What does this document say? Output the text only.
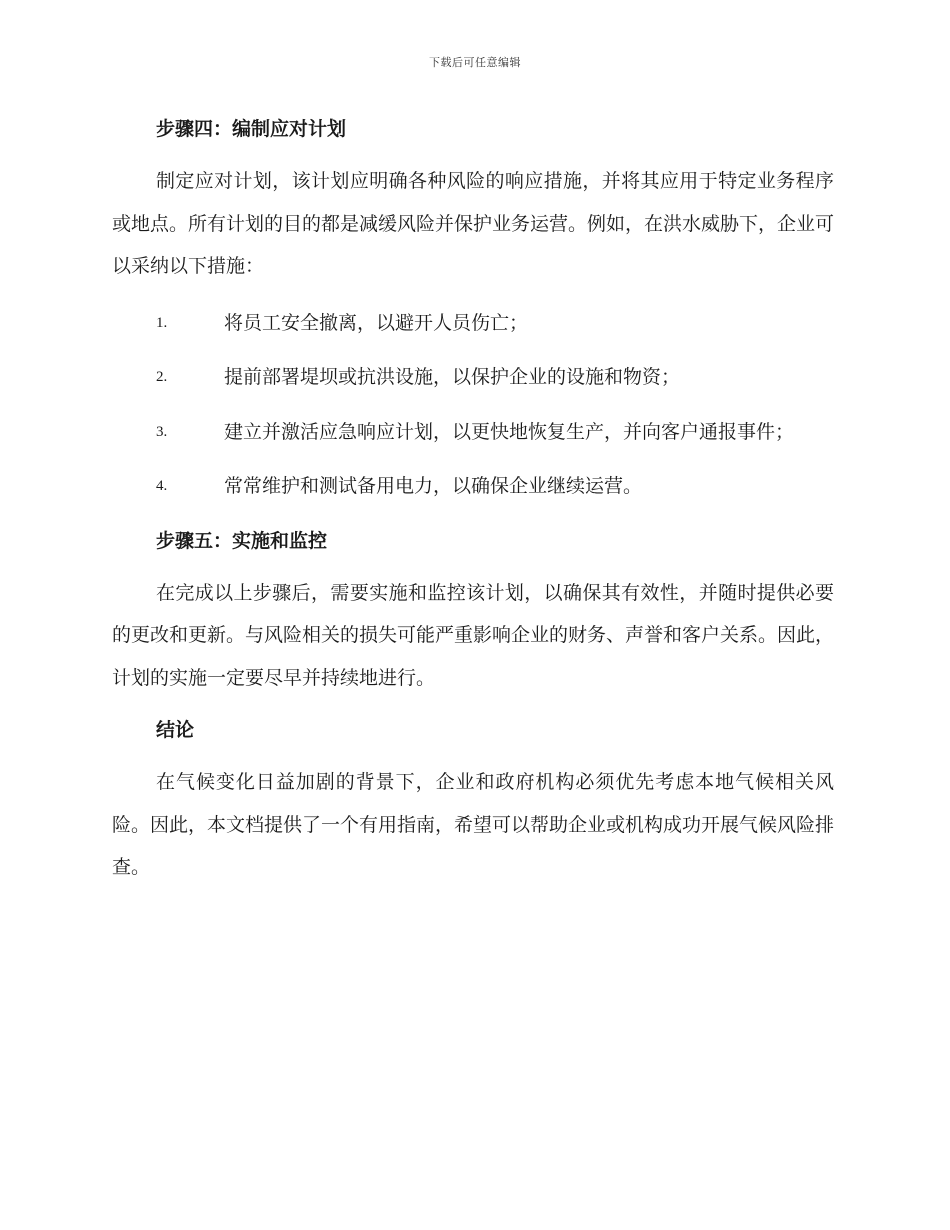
下载后可任意编辑
步骤四：编制应对计划

制定应对计划，该计划应明确各种风险的响应措施，并将其应用于特定业务程序或地点。所有计划的目的都是减缓风险并保护业务运营。例如，在洪水威胁下，企业可以采纳以下措施：

1.	将员工安全撤离，以避开人员伤亡；
2.	提前部署堤坝或抗洪设施，以保护企业的设施和物资；
3.	建立并激活应急响应计划，以更快地恢复生产，并向客户通报事件；
4.	常常维护和测试备用电力，以确保企业继续运营。
步骤五：实施和监控

在完成以上步骤后，需要实施和监控该计划，以确保其有效性，并随时提供必要的更改和更新。与风险相关的损失可能严重影响企业的财务、声誉和客户关系。因此，计划的实施一定要尽早并持续地进行。

结论

在气候变化日益加剧的背景下，企业和政府机构必须优先考虑本地气候相关风险。因此，本文档提供了一个有用指南，希望可以帮助企业或机构成功开展气候风险排查。
